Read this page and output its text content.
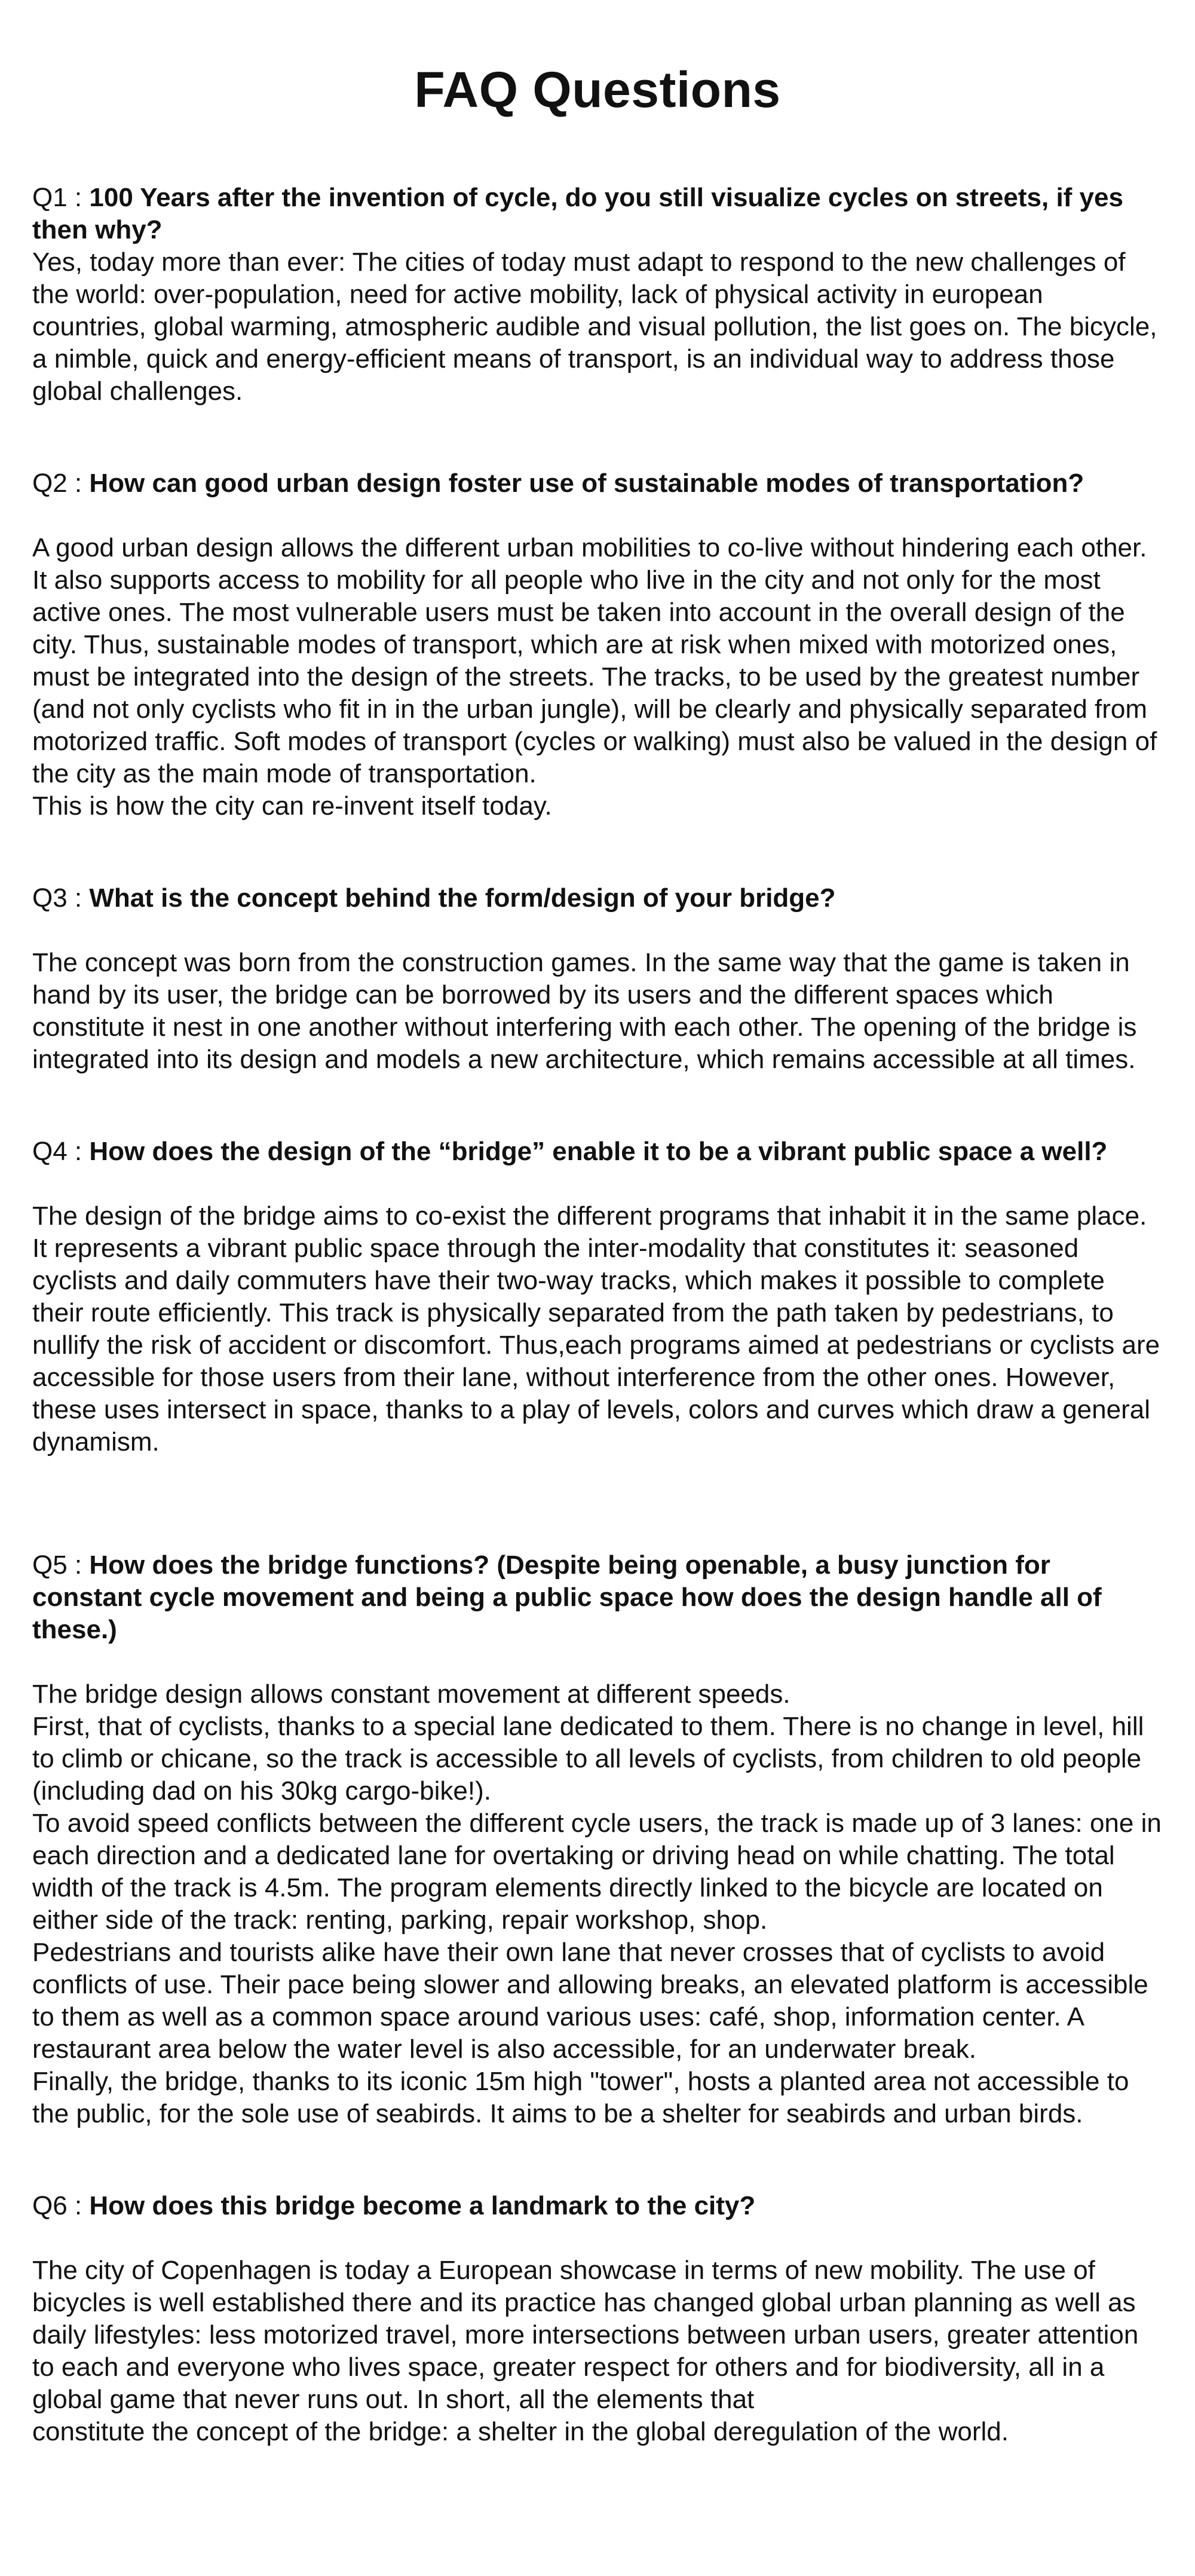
FAQ Questions

Q1 : 100 Years after the invention of cycle, do you still visualize cycles on streets, if yes then why?

Yes, today more than ever: The cities of today must adapt to respond to the new challenges of the world: over-population, need for active mobility, lack of physical activity in european countries, global warming, atmospheric audible and visual pollution, the list goes on. The bicycle, a nimble, quick and energy-efficient means of transport, is an individual way to address those global challenges.

Q2 : How can good urban design foster use of sustainable modes of transportation?

A good urban design allows the different urban mobilities to co-live without hindering each other. It also supports access to mobility for all people who live in the city and not only for the most active ones. The most vulnerable users must be taken into account in the overall design of the city. Thus, sustainable modes of transport, which are at risk when mixed with motorized ones, must be integrated into the design of the streets. The tracks, to be used by the greatest number (and not only cyclists who fit in in the urban jungle), will be clearly and physically separated from motorized traffic. Soft modes of transport (cycles or walking) must also be valued in the design of the city as the main mode of transportation.

This is how the city can re-invent itself today.

Q3 : What is the concept behind the form/design of your bridge?

The concept was born from the construction games. In the same way that the game is taken in hand by its user, the bridge can be borrowed by its users and the different spaces which constitute it nest in one another without interfering with each other. The opening of the bridge is integrated into its design and models a new architecture, which remains accessible at all times.

Q4 : How does the design of the “bridge” enable it to be a vibrant public space a well?

The design of the bridge aims to co-exist the different programs that inhabit it in the same place. It represents a vibrant public space through the inter-modality that constitutes it: seasoned cyclists and daily commuters have their two-way tracks, which makes it possible to complete their route efficiently. This track is physically separated from the path taken by pedestrians, to nullify the risk of accident or discomfort. Thus,each programs aimed at pedestrians or cyclists are accessible for those users from their lane, without interference from the other ones. However, these uses intersect in space, thanks to a play of levels, colors and curves which draw a general dynamism.

Q5 : How does the bridge functions? (Despite being openable, a busy junction for constant cycle movement and being a public space how does the design handle all of these.)

The bridge design allows constant movement at different speeds.

First, that of cyclists, thanks to a special lane dedicated to them. There is no change in level, hill to climb or chicane, so the track is accessible to all levels of cyclists, from children to old people (including dad on his 30kg cargo-bike!).

To avoid speed conflicts between the different cycle users, the track is made up of 3 lanes: one in each direction and a dedicated lane for overtaking or driving head on while chatting. The total width of the track is 4.5m. The program elements directly linked to the bicycle are located on either side of the track: renting, parking, repair workshop, shop.

Pedestrians and tourists alike have their own lane that never crosses that of cyclists to avoid conflicts of use. Their pace being slower and allowing breaks, an elevated platform is accessible to them as well as a common space around various uses: café, shop, information center. A restaurant area below the water level is also accessible, for an underwater break.

Finally, the bridge, thanks to its iconic 15m high "tower", hosts a planted area not accessible to the public, for the sole use of seabirds. It aims to be a shelter for seabirds and urban birds.

Q6 : How does this bridge become a landmark to the city?

The city of Copenhagen is today a European showcase in terms of new mobility. The use of bicycles is well established there and its practice has changed global urban planning as well as daily lifestyles: less motorized travel, more intersections between urban users, greater attention to each and everyone who lives space, greater respect for others and for biodiversity, all in a global game that never runs out. In short, all the elements that

constitute the concept of the bridge: a shelter in the global deregulation of the world.
